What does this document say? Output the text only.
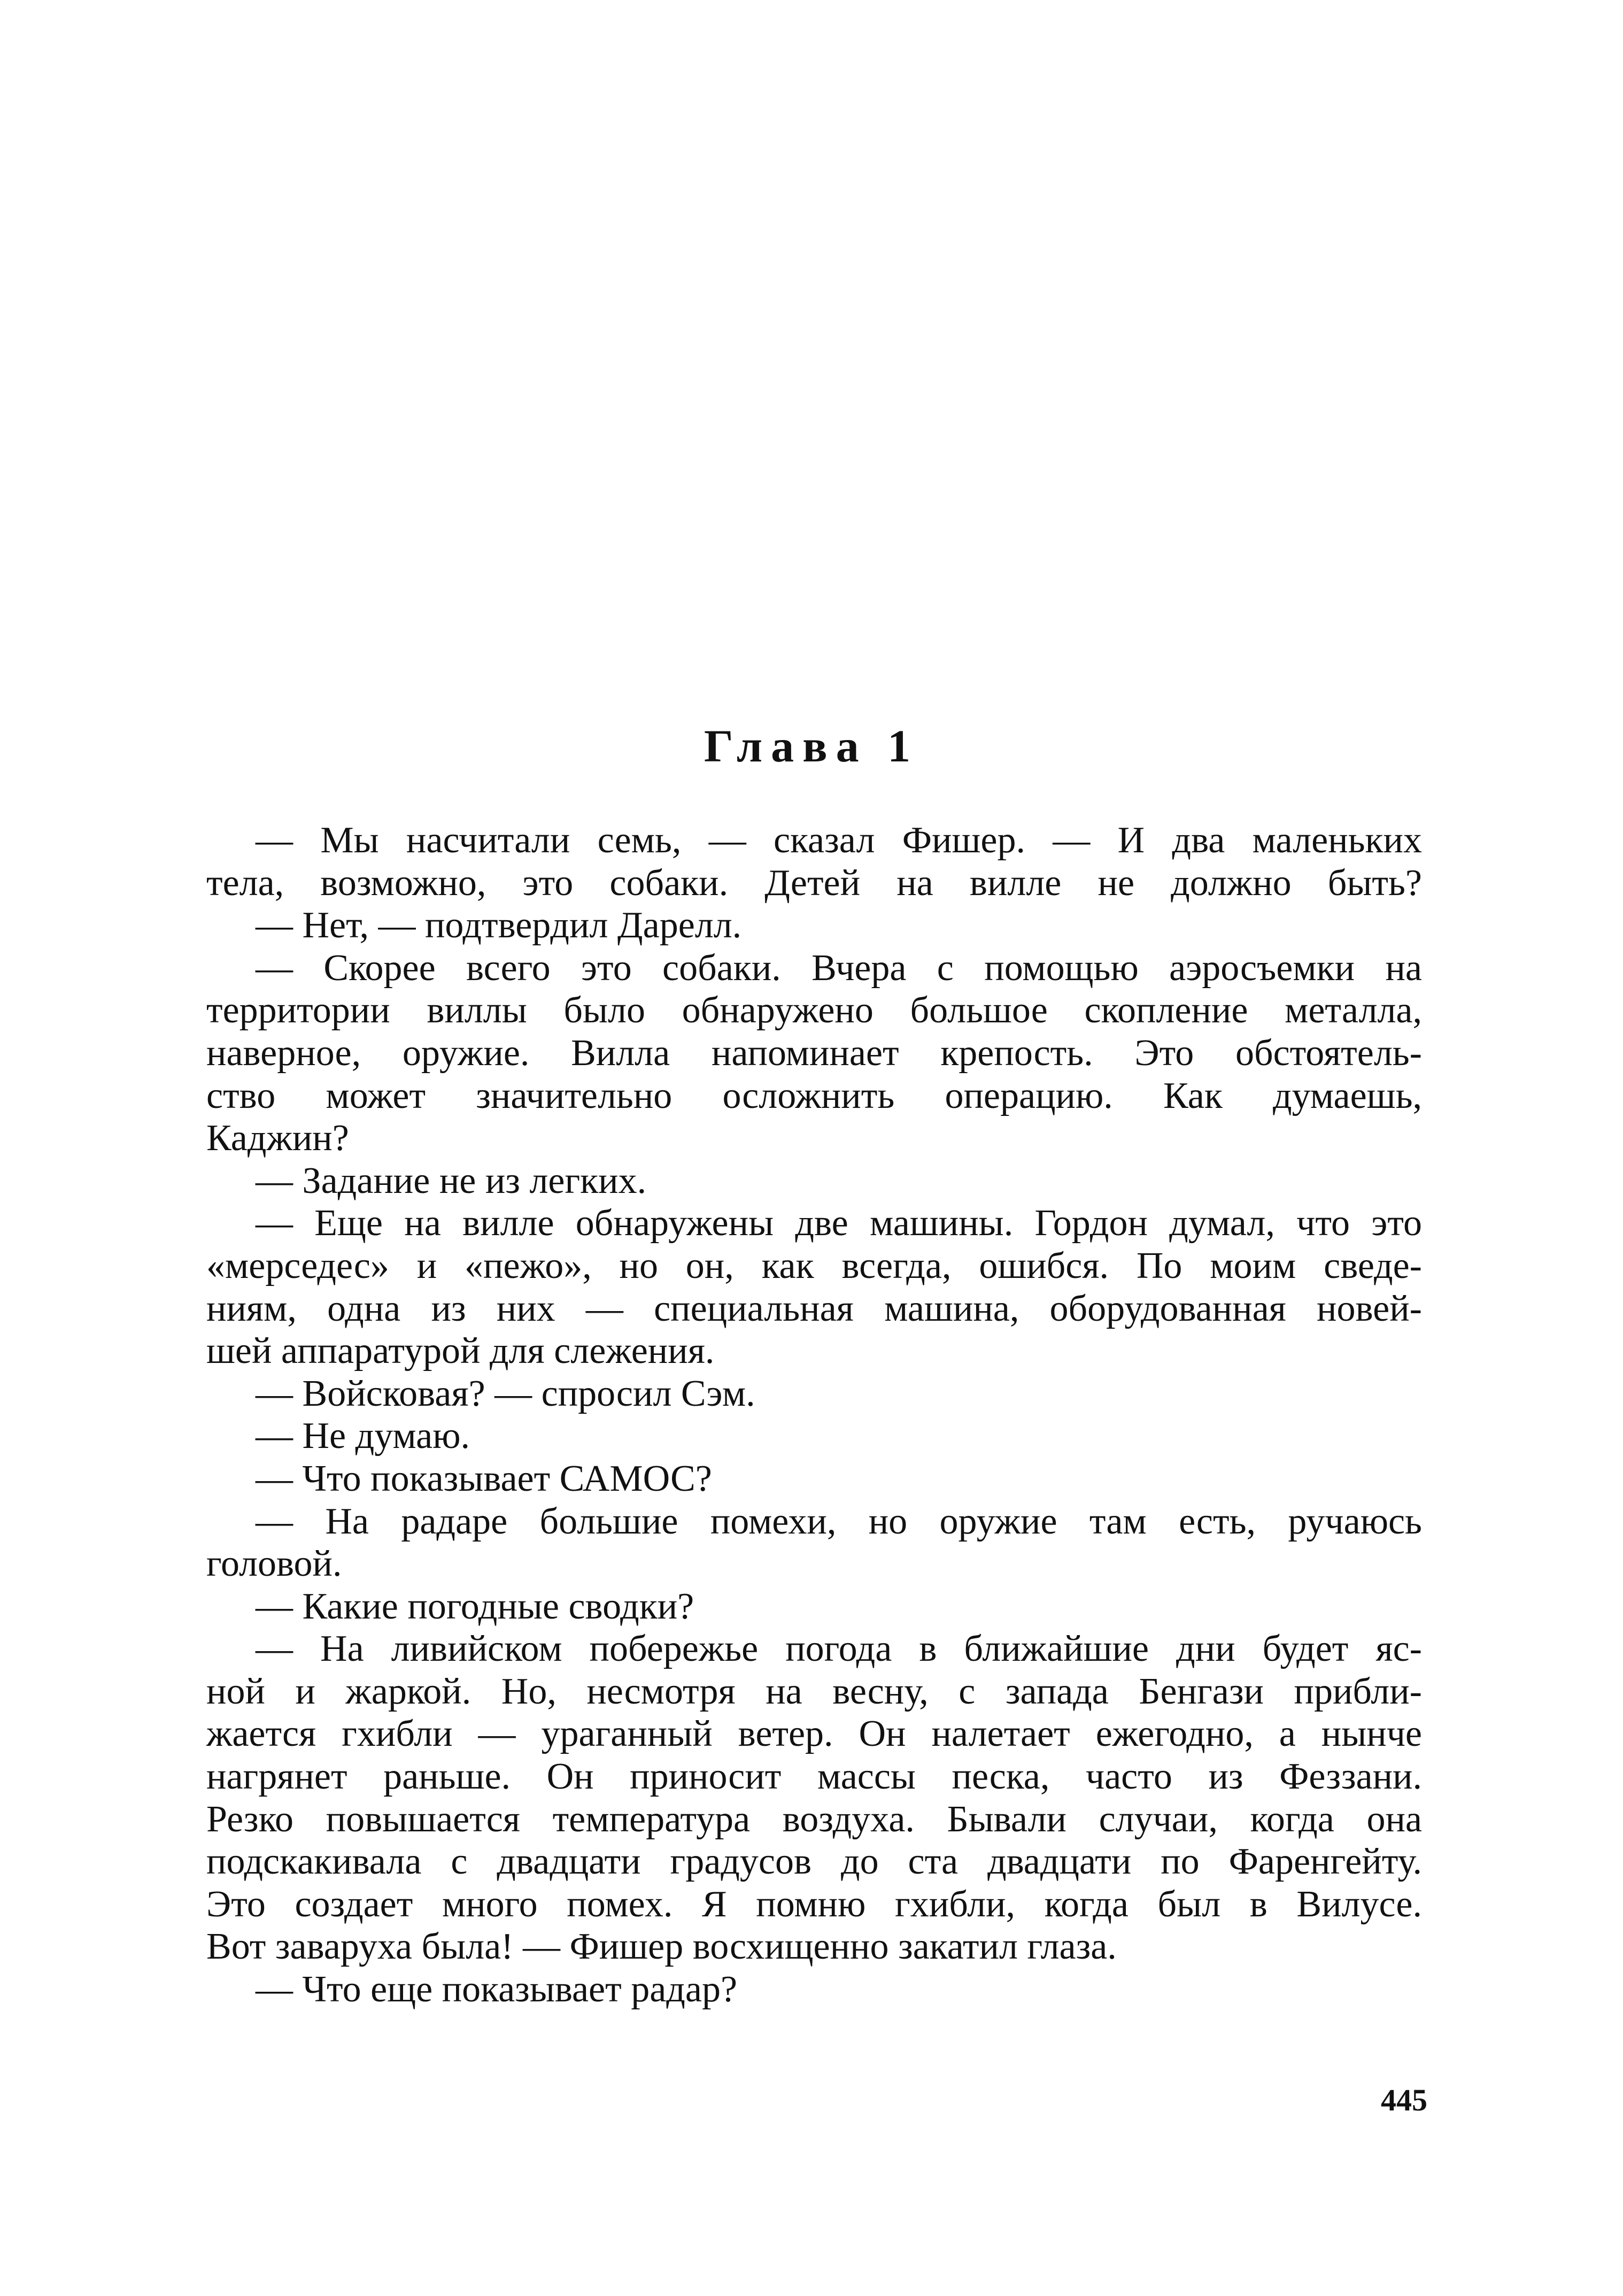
Глава 1
— Мы насчитали семь, — сказал Фишер. — И два маленьких
тела, возможно, это собаки. Детей на вилле не должно быть?
— Нет, — подтвердил Дарелл.
— Скорее всего это собаки. Вчера с помощью аэросъемки на
территории виллы было обнаружено большое скопление металла,
наверное, оружие. Вилла напоминает крепость. Это обстоятель-
ство может значительно осложнить операцию. Как думаешь,
Каджин?
— Задание не из легких.
— Еще на вилле обнаружены две машины. Гордон думал, что это
«мерседес» и «пежо», но он, как всегда, ошибся. По моим сведе-
ниям, одна из них — специальная машина, оборудованная новей-
шей аппаратурой для слежения.
— Войсковая? — спросил Сэм.
— Не думаю.
— Что показывает САМОС?
— На радаре большие помехи, но оружие там есть, ручаюсь
головой.
— Какие погодные сводки?
— На ливийском побережье погода в ближайшие дни будет яс-
ной и жаркой. Но, несмотря на весну, с запада Бенгази прибли-
жается гхибли — ураганный ветер. Он налетает ежегодно, а нынче
нагрянет раньше. Он приносит массы песка, часто из Феззани.
Резко повышается температура воздуха. Бывали случаи, когда она
подскакивала с двадцати градусов до ста двадцати по Фаренгейту.
Это создает много помех. Я помню гхибли, когда был в Вилусе.
Вот заваруха была! — Фишер восхищенно закатил глаза.
— Что еще показывает радар?
445
